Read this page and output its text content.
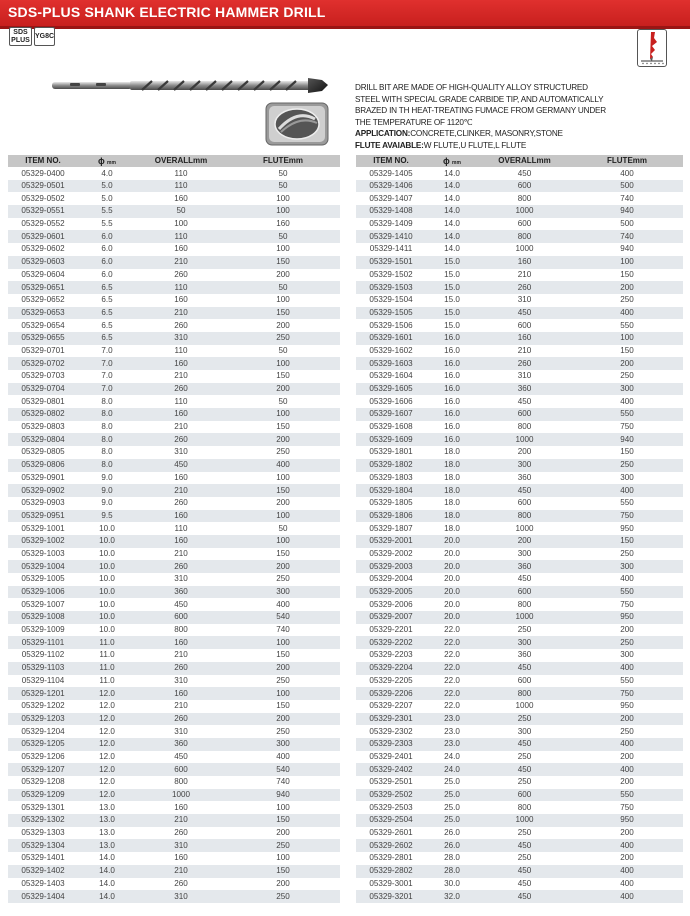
SDS-PLUS SHANK ELECTRIC HAMMER DRILL
SDS
PLUS
YG8C
DRILL BIT ARE MADE OF HIGH-QUALITY ALLOY STRUCTURED
STEEL WITH SPECIAL GRADE CARBIDE TIP, AND AUTOMATICALLY
BRAZED IN TH HEAT-TREATING FUMACE FROM GERMANY UNDER
THE TEMPERATURE OF 1120℃
APPLICATION:CONCRETE,CLINKER, MASONRY,STONE
FLUTE AVAIABLE:W FLUTE,U FLUTE,L FLUTE
ITEM NO.	ϕ mm	OVERALLmm	FLUTEmm
05329-0400	4.0	110	50
05329-0501	5.0	110	50
05329-0502	5.0	160	100
05329-0551	5.5	50	100
05329-0552	5.5	100	160
05329-0601	6.0	110	50
05329-0602	6.0	160	100
05329-0603	6.0	210	150
05329-0604	6.0	260	200
05329-0651	6.5	110	50
05329-0652	6.5	160	100
05329-0653	6.5	210	150
05329-0654	6.5	260	200
05329-0655	6.5	310	250
05329-0701	7.0	110	50
05329-0702	7.0	160	100
05329-0703	7.0	210	150
05329-0704	7.0	260	200
05329-0801	8.0	110	50
05329-0802	8.0	160	100
05329-0803	8.0	210	150
05329-0804	8.0	260	200
05329-0805	8.0	310	250
05329-0806	8.0	450	400
05329-0901	9.0	160	100
05329-0902	9.0	210	150
05329-0903	9.0	260	200
05329-0951	9.5	160	100
05329-1001	10.0	110	50
05329-1002	10.0	160	100
05329-1003	10.0	210	150
05329-1004	10.0	260	200
05329-1005	10.0	310	250
05329-1006	10.0	360	300
05329-1007	10.0	450	400
05329-1008	10.0	600	540
05329-1009	10.0	800	740
05329-1101	11.0	160	100
05329-1102	11.0	210	150
05329-1103	11.0	260	200
05329-1104	11.0	310	250
05329-1201	12.0	160	100
05329-1202	12.0	210	150
05329-1203	12.0	260	200
05329-1204	12.0	310	250
05329-1205	12.0	360	300
05329-1206	12.0	450	400
05329-1207	12.0	600	540
05329-1208	12.0	800	740
05329-1209	12.0	1000	940
05329-1301	13.0	160	100
05329-1302	13.0	210	150
05329-1303	13.0	260	200
05329-1304	13.0	310	250
05329-1401	14.0	160	100
05329-1402	14.0	210	150
05329-1403	14.0	260	200
05329-1404	14.0	310	250
ITEM NO.	ϕ mm	OVERALLmm	FLUTEmm
05329-1405	14.0	450	400
05329-1406	14.0	600	500
05329-1407	14.0	800	740
05329-1408	14.0	1000	940
05329-1409	14.0	600	500
05329-1410	14.0	800	740
05329-1411	14.0	1000	940
05329-1501	15.0	160	100
05329-1502	15.0	210	150
05329-1503	15.0	260	200
05329-1504	15.0	310	250
05329-1505	15.0	450	400
05329-1506	15.0	600	550
05329-1601	16.0	160	100
05329-1602	16.0	210	150
05329-1603	16.0	260	200
05329-1604	16.0	310	250
05329-1605	16.0	360	300
05329-1606	16.0	450	400
05329-1607	16.0	600	550
05329-1608	16.0	800	750
05329-1609	16.0	1000	940
05329-1801	18.0	200	150
05329-1802	18.0	300	250
05329-1803	18.0	360	300
05329-1804	18.0	450	400
05329-1805	18.0	600	550
05329-1806	18.0	800	750
05329-1807	18.0	1000	950
05329-2001	20.0	200	150
05329-2002	20.0	300	250
05329-2003	20.0	360	300
05329-2004	20.0	450	400
05329-2005	20.0	600	550
05329-2006	20.0	800	750
05329-2007	20.0	1000	950
05329-2201	22.0	250	200
05329-2202	22.0	300	250
05329-2203	22.0	360	300
05329-2204	22.0	450	400
05329-2205	22.0	600	550
05329-2206	22.0	800	750
05329-2207	22.0	1000	950
05329-2301	23.0	250	200
05329-2302	23.0	300	250
05329-2303	23.0	450	400
05329-2401	24.0	250	200
05329-2402	24.0	450	400
05329-2501	25.0	250	200
05329-2502	25.0	600	550
05329-2503	25.0	800	750
05329-2504	25.0	1000	950
05329-2601	26.0	250	200
05329-2602	26.0	450	400
05329-2801	28.0	250	200
05329-2802	28.0	450	400
05329-3001	30.0	450	400
05329-3201	32.0	450	400
